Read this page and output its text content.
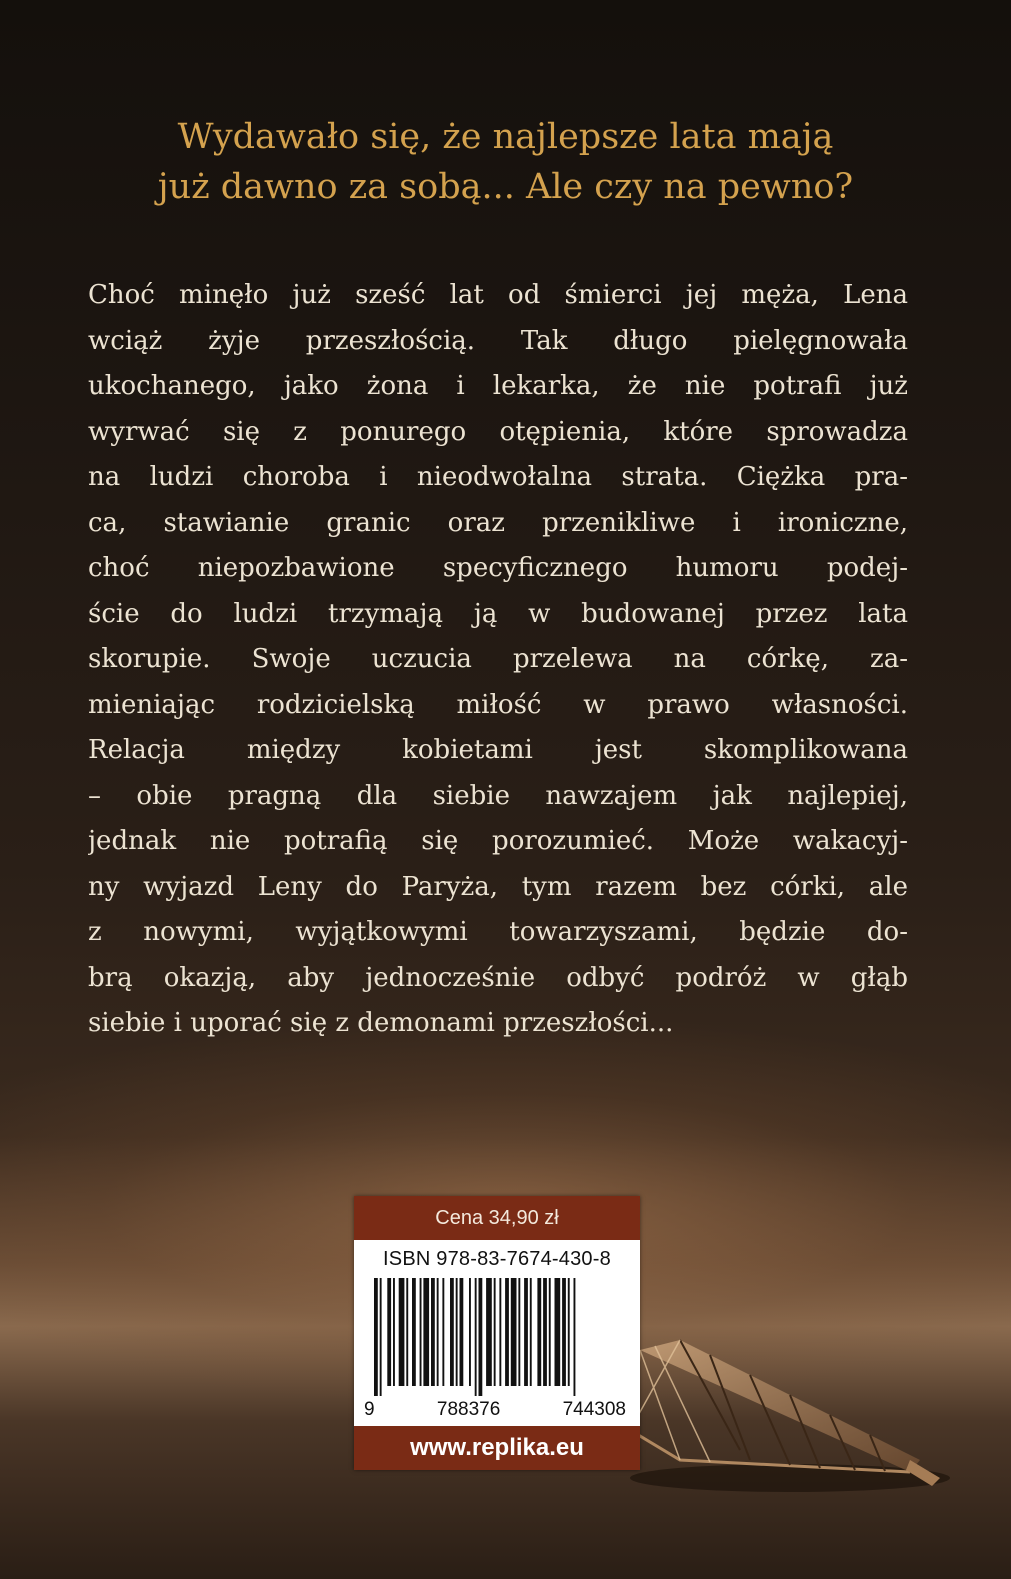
Wydawało się, że najlepsze lata mają
już dawno za sobą... Ale czy na pewno?
Choć minęło już sześć lat od śmierci jej męża, Lena
wciąż żyje przeszłością. Tak długo pielęgnowała
ukochanego, jako żona i lekarka, że nie potrafi już
wyrwać się z ponurego otępienia, które sprowadza
na ludzi choroba i nieodwołalna strata. Ciężka pra-
ca, stawianie granic oraz przenikliwe i ironiczne,
choć niepozbawione specyficznego humoru podej-
ście do ludzi trzymają ją w budowanej przez lata
skorupie. Swoje uczucia przelewa na córkę, za-
mieniając rodzicielską miłość w prawo własności.
Relacja między kobietami jest skomplikowana
– obie pragną dla siebie nawzajem jak najlepiej,
jednak nie potrafią się porozumieć. Może wakacyj-
ny wyjazd Leny do Paryża, tym razem bez córki, ale
z nowymi, wyjątkowymi towarzyszami, będzie do-
brą okazją, aby jednocześnie odbyć podróż w głąb
siebie i uporać się z demonami przeszłości...
Cena 34,90 zł
ISBN 978-83-7674-430-8
9	788376	744308
www.replika.eu
